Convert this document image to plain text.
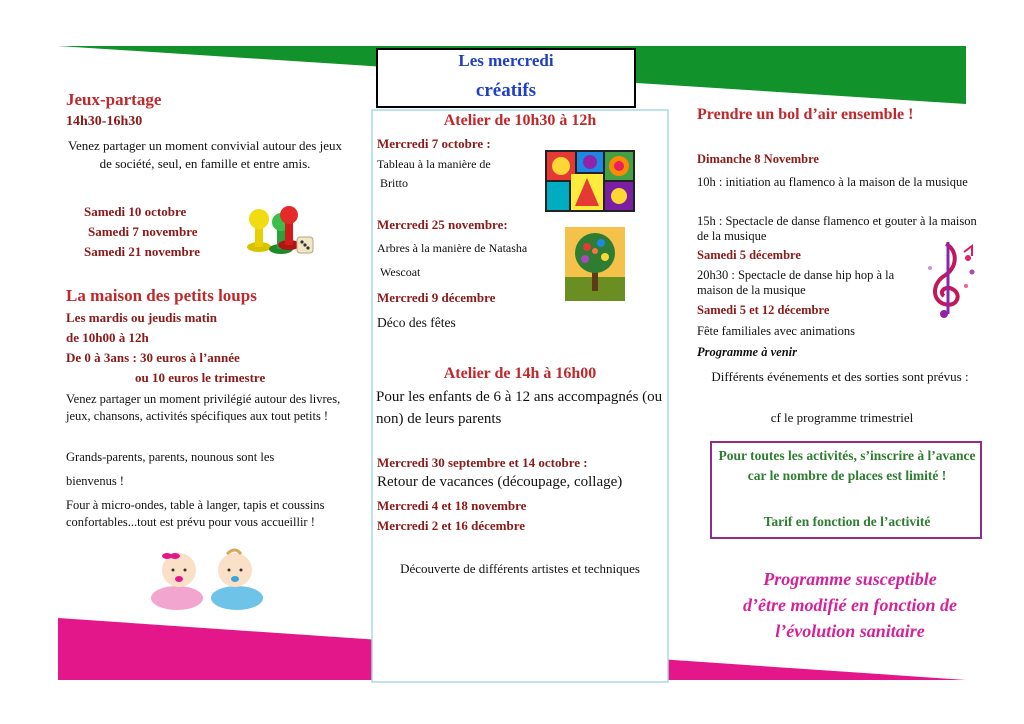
Jeux-partage
14h30-16h30
Venez partager un moment convivial autour des jeux de société, seul, en famille et entre amis.
Samedi 10 octobre
Samedi 7 novembre
Samedi 21 novembre
La maison des petits loups
Les mardis ou jeudis matin
de 10h00 à 12h
De 0 à 3ans : 30 euros à l’année
ou 10 euros le trimestre
Venez partager un moment privilégié autour des livres, jeux, chansons, activités spécifiques aux tout petits !
Grands-parents, parents, nounous sont les
bienvenus !
Four à micro-ondes, table à langer, tapis et coussins confortables...tout est prévu pour vous accueillir !
Les mercredi
créatifs
Atelier de 10h30 à 12h
Mercredi 7 octobre :
Tableau à la manière de
Britto
Mercredi 25 novembre:
Arbres à la manière de Natasha
Wescoat
Mercredi 9 décembre
Déco des fêtes
Atelier de 14h à 16h00
Pour les enfants de 6 à 12 ans accompagnés (ou non) de leurs parents
Mercredi 30 septembre et 14 octobre :
Retour de vacances (découpage, collage)
Mercredi 4 et 18 novembre
Mercredi 2 et 16 décembre
Découverte de différents artistes et techniques
Prendre un bol d’air ensemble !
Dimanche 8 Novembre
10h : initiation au flamenco à la maison de la musique
15h : Spectacle de danse flamenco et gouter à la maison de la musique
Samedi 5 décembre
20h30 : Spectacle de danse hip hop à la maison de la musique
Samedi 5 et 12 décembre
Fête familiales avec animations
Programme à venir
Différents événements et des sorties sont prévus :
cf le programme trimestriel
Pour toutes les activités, s’inscrire à l’avance car le nombre de places est limité !
Tarif en fonction de l’activité
Programme susceptible d’être modifié en fonction de l’évolution sanitaire
